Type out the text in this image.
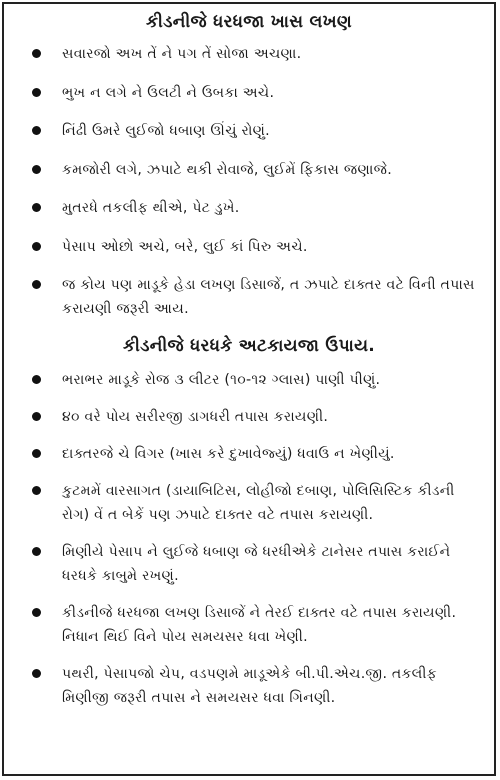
કીડનીજે ધરધજા ખાસ લખણ
સવારજો અખ તેં ને પગ તેં સોજા અચણા.
ભુખ ન લગે ને ઉલટી ને ઉબકા અચે.
નિંઢી ઉમરે લુઈજો ધબાણ ઊંચું રોણું.
કમજોરી લગે, ઝપાટે થકી રોવાજે, લુઈમેં ફિકાસ જણાજે.
મુતરધે તકલીફ થીએ, પેટ ડુખે.
પેસાપ ઓછો અચે, બરે, લુઈ કાં પિરુ અચે.
જ કોય પણ માડૂકે હેડા લખણ ડિસાજેં, ત ઝપાટે દાક્તર વટે વિની તપાસ કરાયણી જરૂરી આય.
કીડનીજે ધરધકે અટકાયજા ઉપાય.
ભરાભર માડૂકે રોજ ૩ લીટર (૧૦-૧૨ ગ્લાસ) પાણી પીણું.
૪૦ વરે પોય સરીરજી ડાગધરી તપાસ કરાયણી.
દાક્તરજે ચે વિગર (ખાસ કરે દુખાવેજ્યું) ધવાઉ ન ખેણીયું.
કુટમમેં વારસાગત (ડાયાબિટિસ, લોહીજો દબાણ, પોલિસિસ્ટિક કીડની રોગ) વેં ત બેકેં પણ ઝપાટે દાક્તર વટે તપાસ કરાયણી.
મિણીયે પેસાપ ને લુઈજે ધબાણ જે ધરધીએકે ટાનેસર તપાસ કરાઈને ધરધકે કાબુમે રખણું.
કીડનીજે ધરધજા લખણ ડિસાજેં ને તેરઈ દાક્તર વટે તપાસ કરાયણી. નિધાન થિઈ વિને પોય સમયસર ધવા ખેણી.
પથરી, પેસાપજો ચેપ, વડપણમે માડૂએકે બી.પી.એચ.જી. તકલીફ મિણીજી જરૂરી તપાસ ને સમયસર ધવા ગિનણી.
